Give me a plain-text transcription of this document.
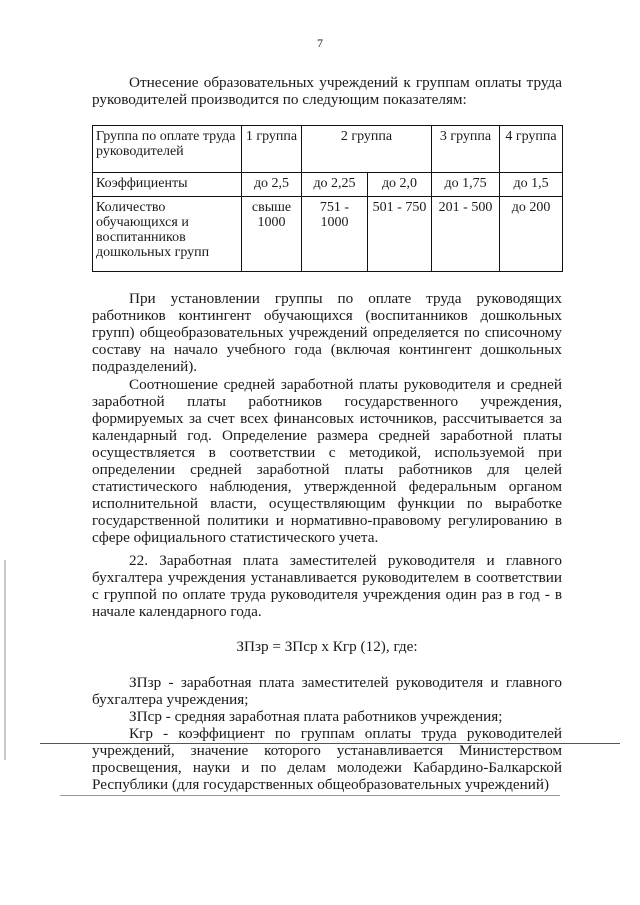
7
Отнесение образовательных учреждений к группам оплаты труда руководителей производится по следующим показателям:
Группа по оплате труда руководителей	1 группа	2 группа		3 группа	4 группа
Коэффициенты	до 2,5	до 2,25	до 2,0	до 1,75	до 1,5
Количество обучающихся и воспитанников дошкольных групп	свыше 1000	751 - 1000	501 - 750	201 - 500	до 200
При установлении группы по оплате труда руководящих работников контингент обучающихся (воспитанников дошкольных групп) общеобразовательных учреждений определяется по списочному составу на начало учебного года (включая контингент дошкольных подразделений).
Соотношение средней заработной платы руководителя и средней заработной платы работников государственного учреждения, формируемых за счет всех финансовых источников, рассчитывается за календарный год. Определение размера средней заработной платы осуществляется в соответствии с методикой, используемой при определении средней заработной платы работников для целей статистического наблюдения, утвержденной федеральным органом исполнительной власти, осуществляющим функции по выработке государственной политики и нормативно-правовому регулированию в сфере официального статистического учета.
22. Заработная плата заместителей руководителя и главного бухгалтера учреждения устанавливается руководителем в соответствии с группой по оплате труда руководителя учреждения один раз в год - в начале календарного года.
ЗПзр = ЗПср х Кгр (12), где:
ЗПзр - заработная плата заместителей руководителя и главного бухгалтера учреждения;
ЗПср - средняя заработная плата работников учреждения;
Кгр - коэффициент по группам оплаты труда руководителей учреждений, значение которого устанавливается Министерством просвещения, науки и по делам молодежи Кабардино-Балкарской Республики (для государственных общеобразовательных учреждений)
